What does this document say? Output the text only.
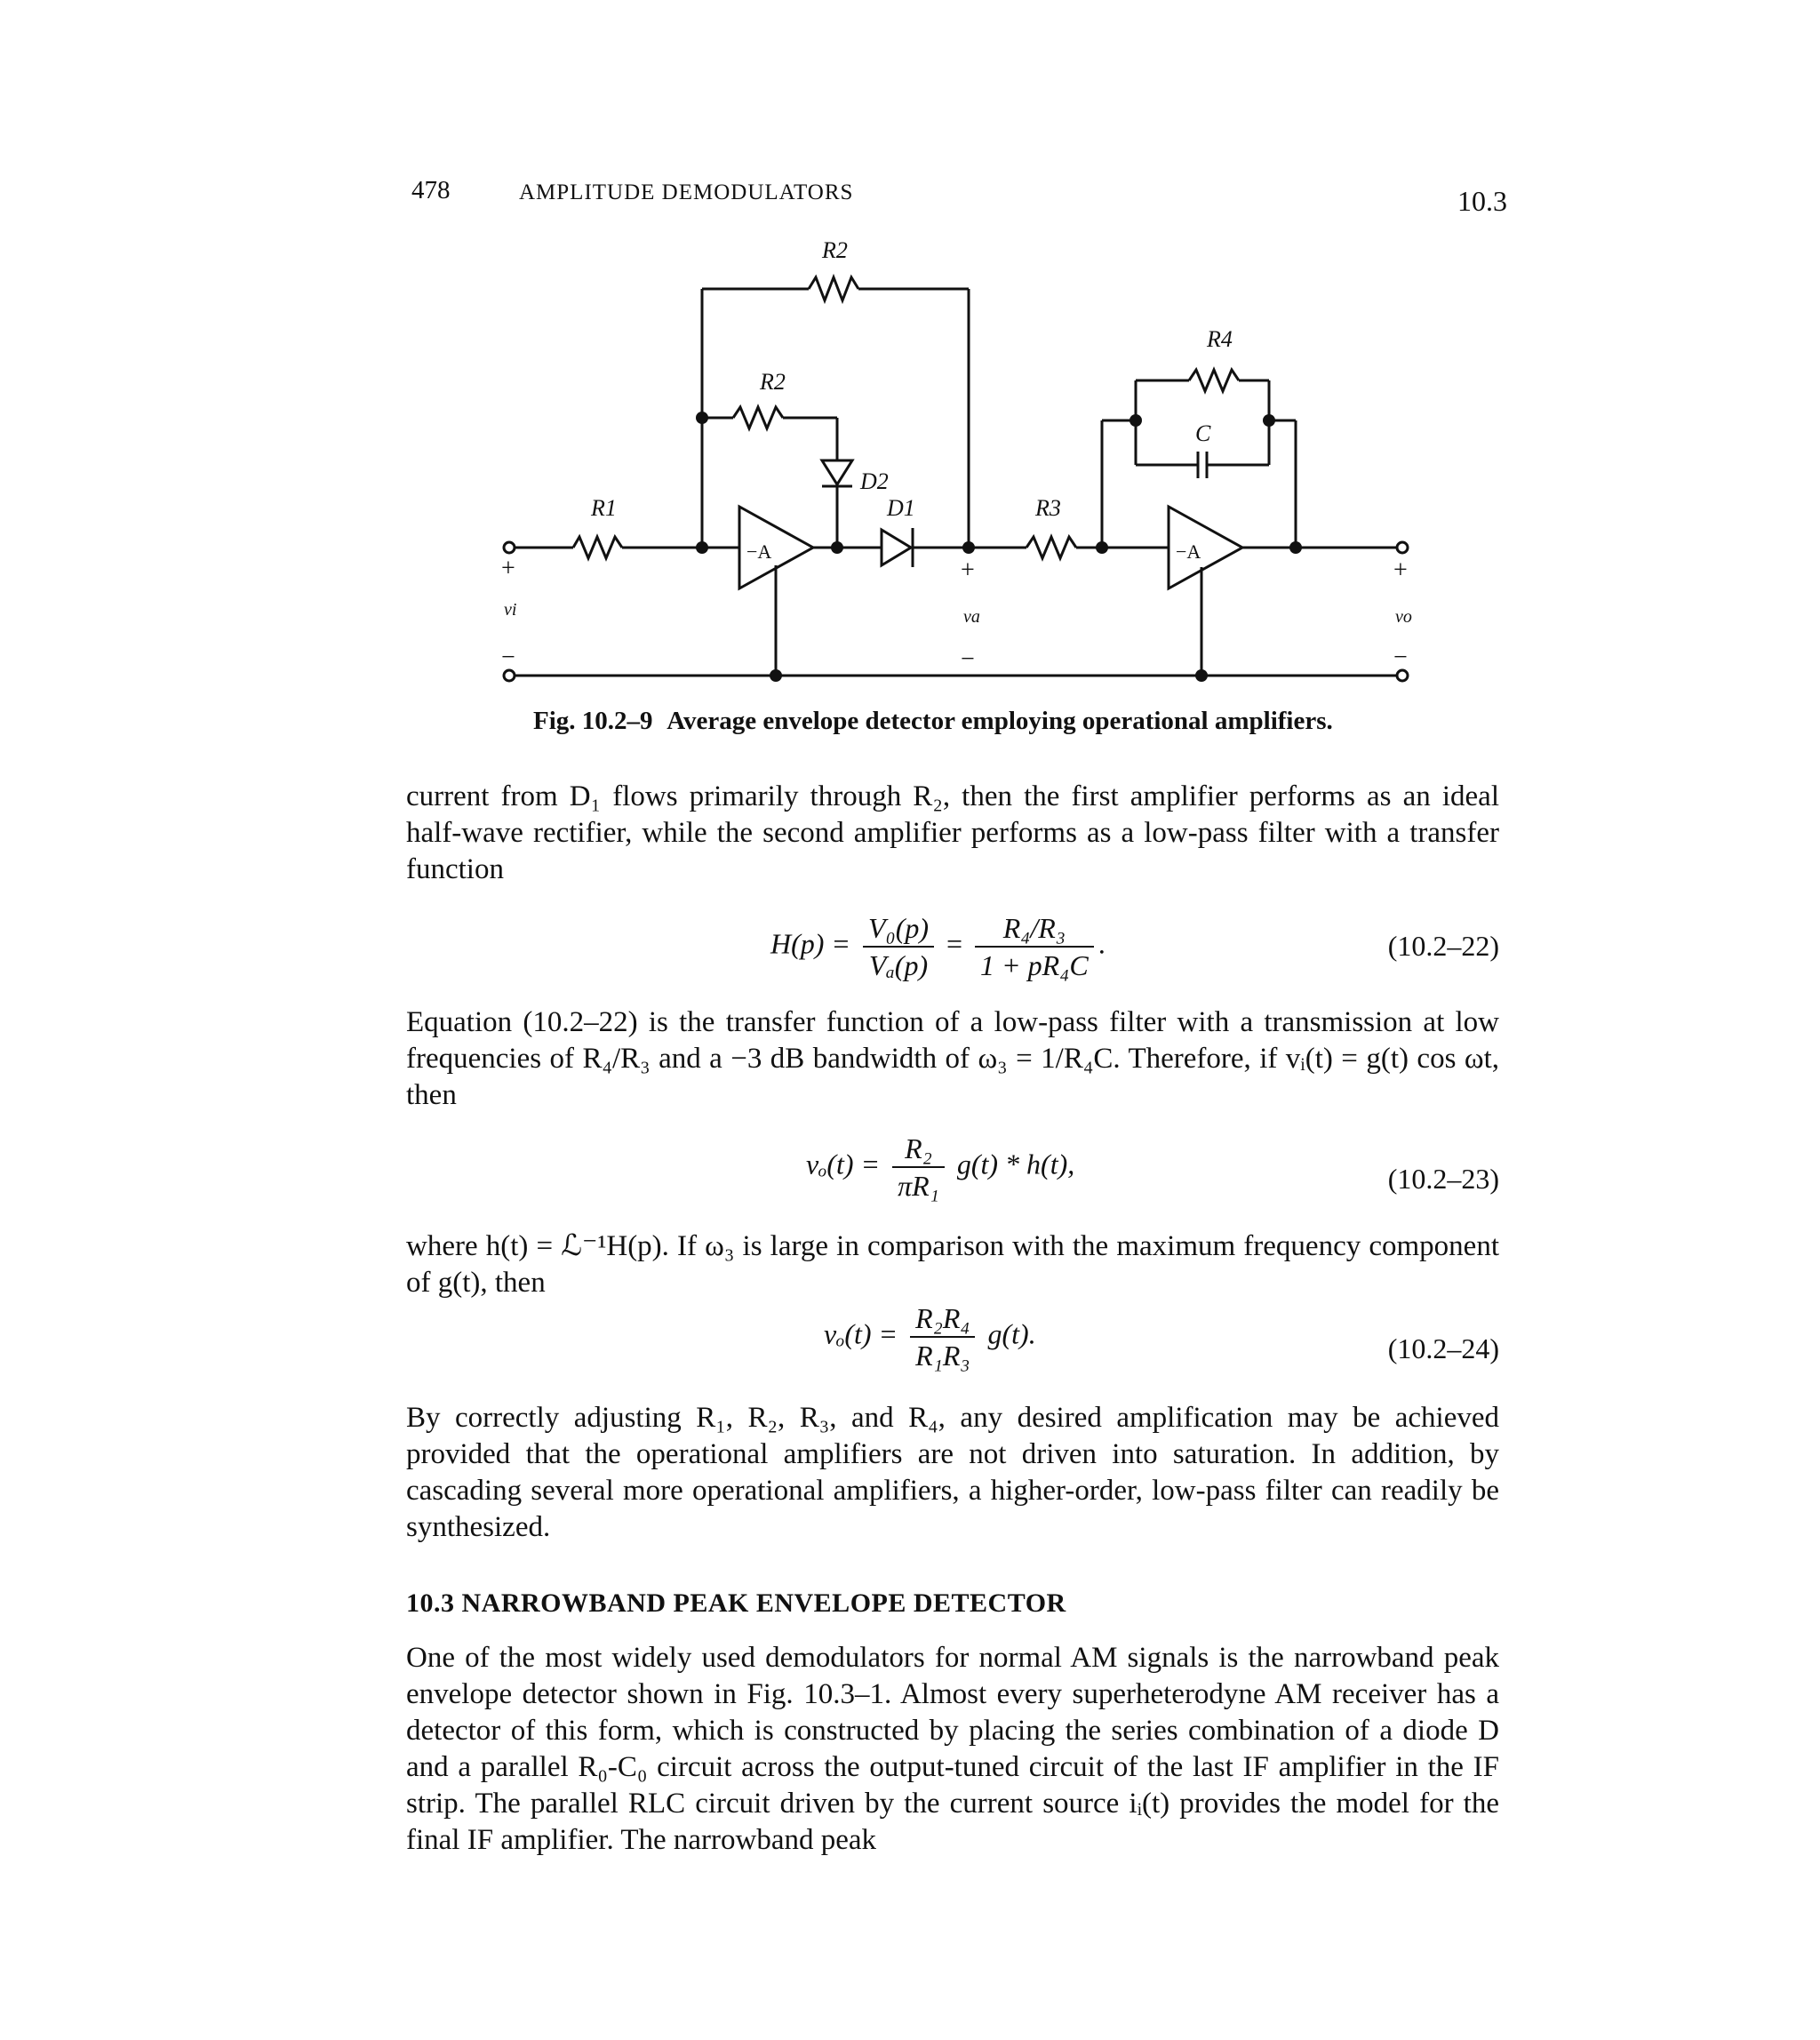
478	AMPLITUDE DEMODULATORS	10.3
R2
R2
R4
C
D2
D1
R1	R3
vi	va	vo
−A	−A
+
−
+
−
+
−
Fig. 10.2–9 Average envelope detector employing operational amplifiers.

current from D₁ flows primarily through R₂, then the first amplifier performs as an ideal half-wave rectifier, while the second amplifier performs as a low-pass filter with a transfer function

$H(p) = \frac{\text{V₀(p)}}{\text{Vₐ(p)}} = \frac{\text{R₄/R₃}}{\text{1 + pR₄C}}$ .	(10.2–22)

Equation (10.2–22) is the transfer function of a low-pass filter with a transmission at low frequencies of R₄/R₃ and a −3 dB bandwidth of ω₃ = 1/R₄C. Therefore, if vᵢ(t) = g(t) cos ωt, then

$v_o(t) = \frac{\text{R₂}}{\text{πR₁}} g(t) * h(t)$,	(10.2–23)

where h(t) = ℒ⁻¹H(p). If ω₃ is large in comparison with the maximum frequency component of g(t), then

$v_o(t) = \frac{\text{R₂R₄}}{\text{R₁R₃}} g(t)$.	(10.2–24)

By correctly adjusting R₁, R₂, R₃, and R₄, any desired amplification may be achieved provided that the operational amplifiers are not driven into saturation. In addition, by cascading several more operational amplifiers, a higher-order, low-pass filter can readily be synthesized.

10.3 NARROWBAND PEAK ENVELOPE DETECTOR

One of the most widely used demodulators for normal AM signals is the narrowband peak envelope detector shown in Fig. 10.3–1. Almost every superheterodyne AM receiver has a detector of this form, which is constructed by placing the series combination of a diode D and a parallel R₀-C₀ circuit across the output-tuned circuit of the last IF amplifier in the IF strip. The parallel RLC circuit driven by the current source iᵢ(t) provides the model for the final IF amplifier. The narrowband peak
